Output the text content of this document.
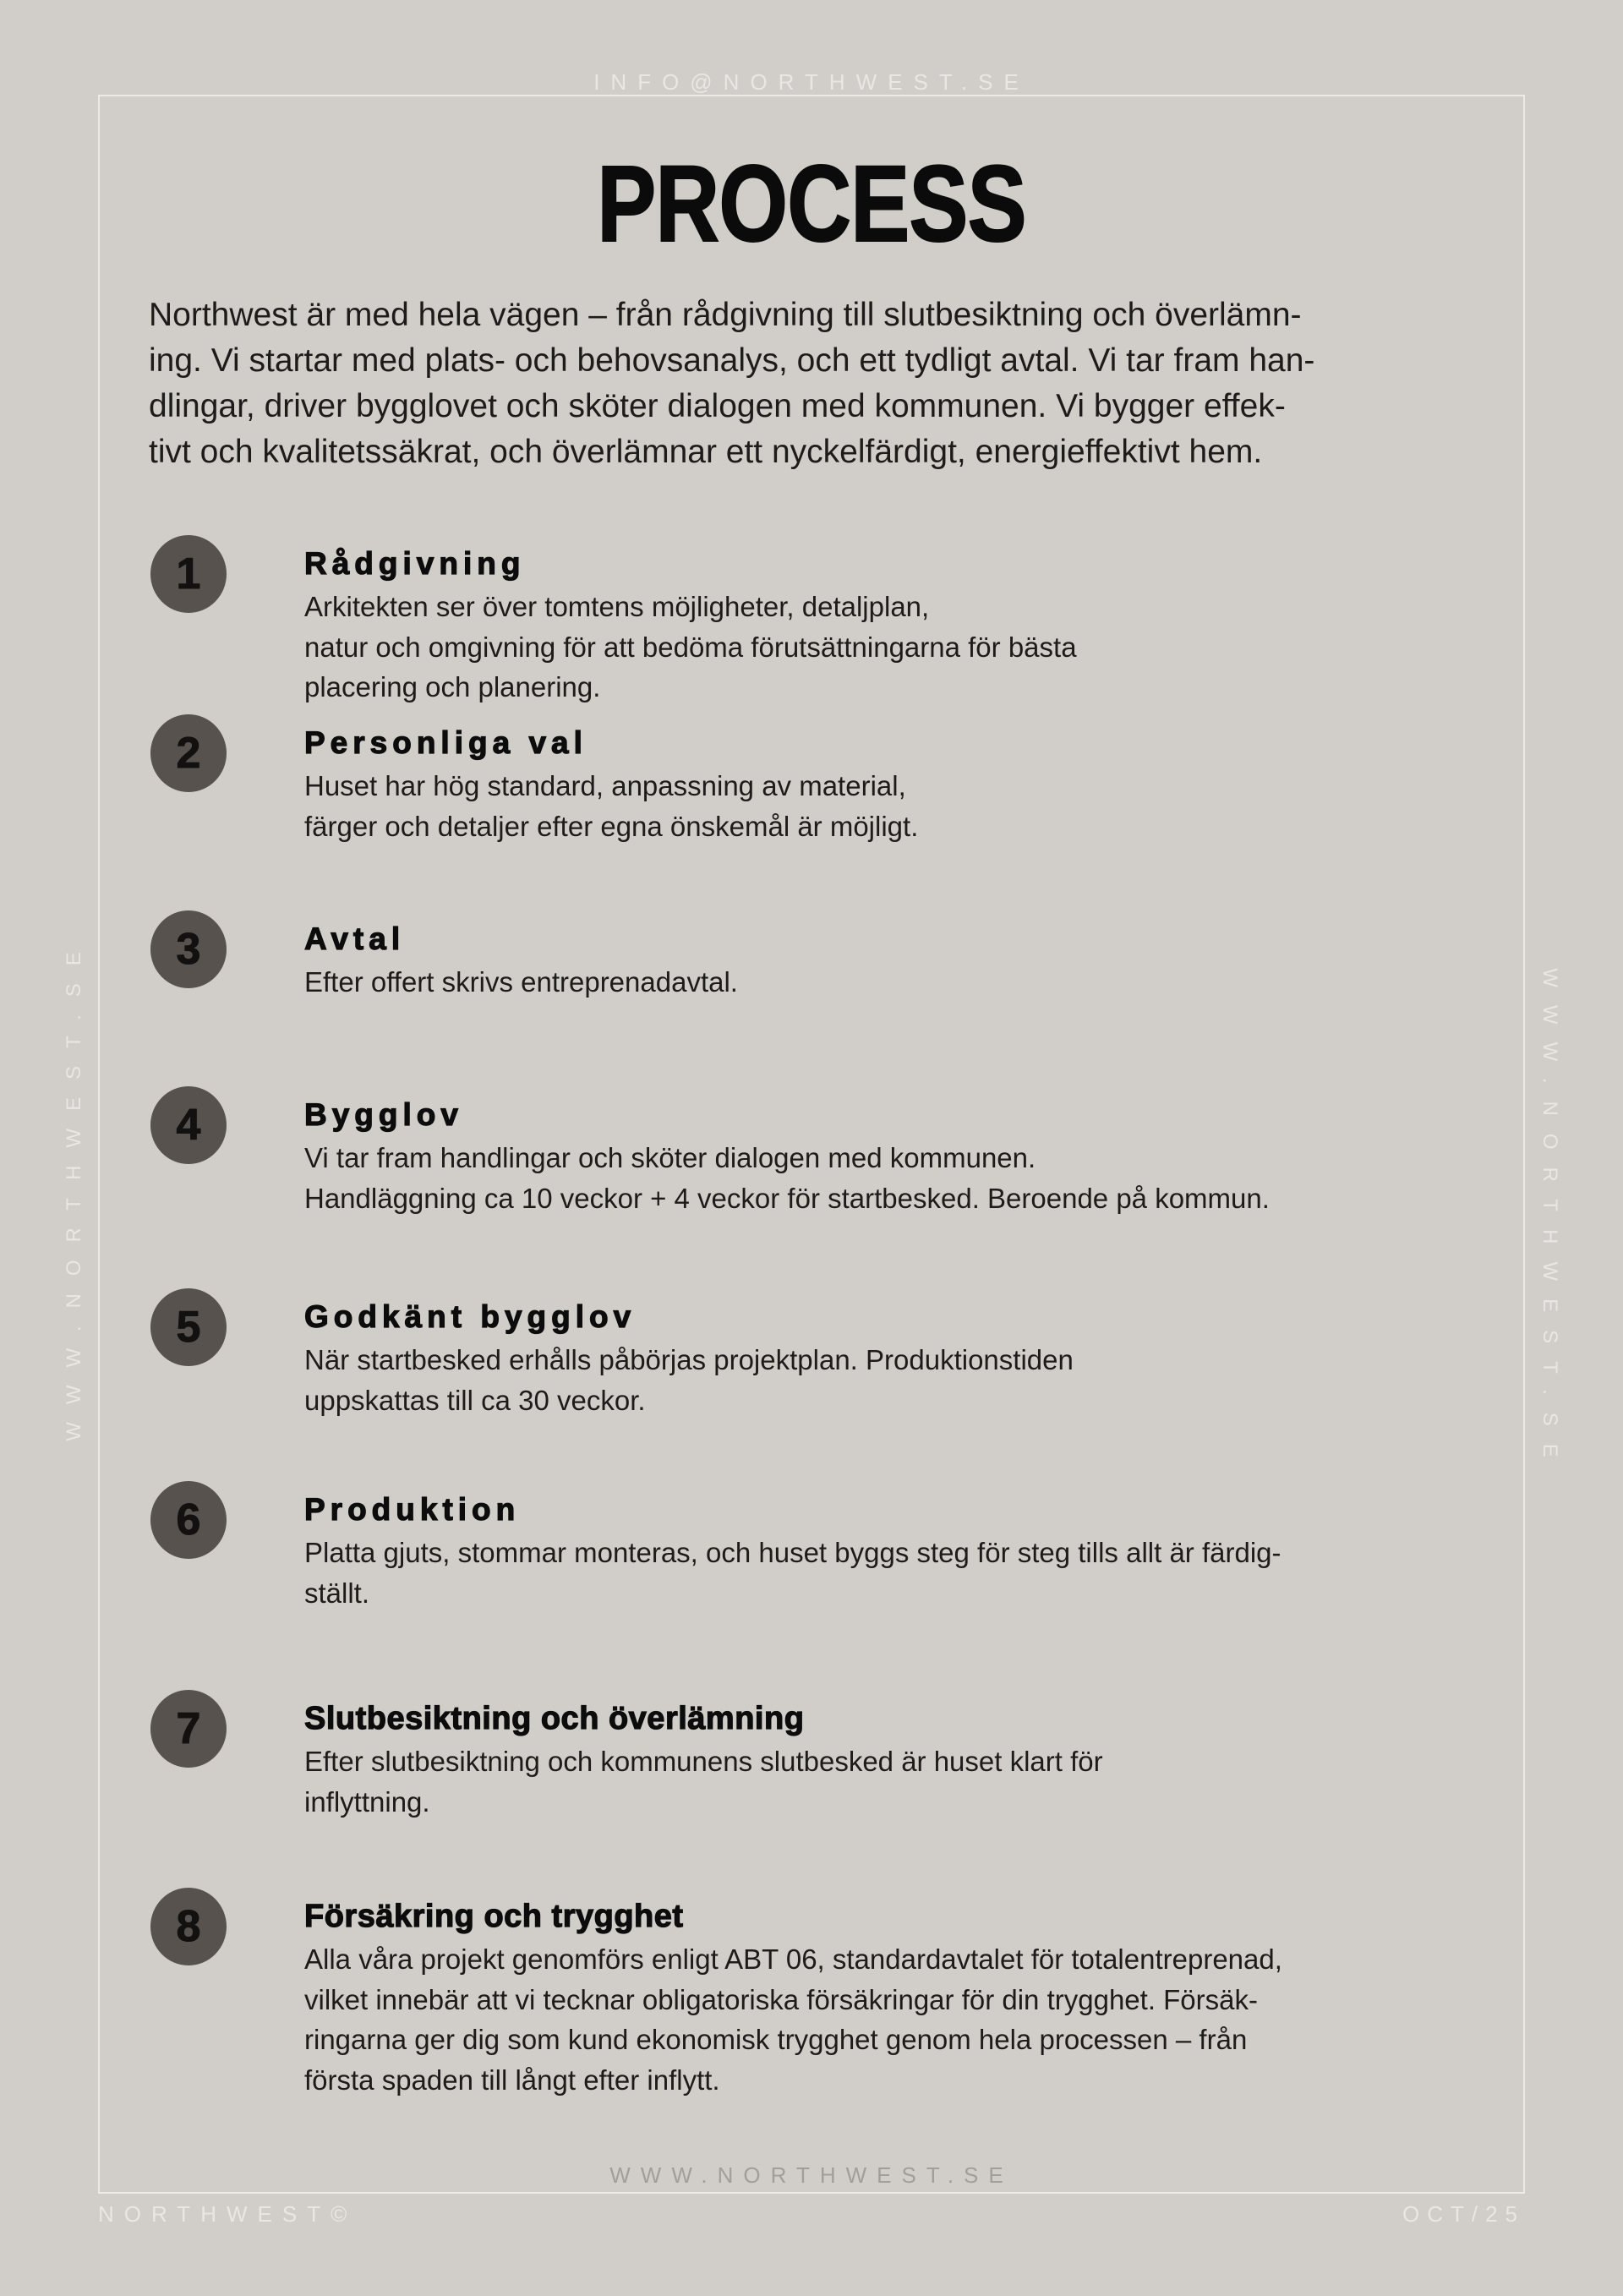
INFO@NORTHWEST.SE
PROCESS
Northwest är med hela vägen – från rådgivning till slutbesiktning och överlämn-
ing. Vi startar med plats- och behovsanalys, och ett tydligt avtal. Vi tar fram han-
dlingar, driver bygglovet och sköter dialogen med kommunen. Vi bygger effek-
tivt och kvalitetssäkrat, och överlämnar ett nyckelfärdigt, energieffektivt hem.
1	Rådgivning
Arkitekten ser över tomtens möjligheter, detaljplan,
natur och omgivning för att bedöma förutsättningarna för bästa
placering och planering.
2	Personliga val
Huset har hög standard, anpassning av material,
färger och detaljer efter egna önskemål är möjligt.
3	Avtal
Efter offert skrivs entreprenadavtal.
4	Bygglov
Vi tar fram handlingar och sköter dialogen med kommunen.
Handläggning ca 10 veckor + 4 veckor för startbesked. Beroende på kommun.
5	Godkänt bygglov
När startbesked erhålls påbörjas projektplan. Produktionstiden
uppskattas till ca 30 veckor.
6	Produktion
Platta gjuts, stommar monteras, och huset byggs steg för steg tills allt är färdig-
ställt.
7	Slutbesiktning och överlämning
Efter slutbesiktning och kommunens slutbesked är huset klart för
inflyttning.
8	Försäkring och trygghet
Alla våra projekt genomförs enligt ABT 06, standardavtalet för totalentreprenad,
vilket innebär att vi tecknar obligatoriska försäkringar för din trygghet. Försäk-
ringarna ger dig som kund ekonomisk trygghet genom hela processen – från
första spaden till långt efter inflytt.
WWW.NORTHWEST.SE	WWW.NORTHWEST.SE
WWW.NORTHWEST.SE
NORTHWEST©	OCT/25
